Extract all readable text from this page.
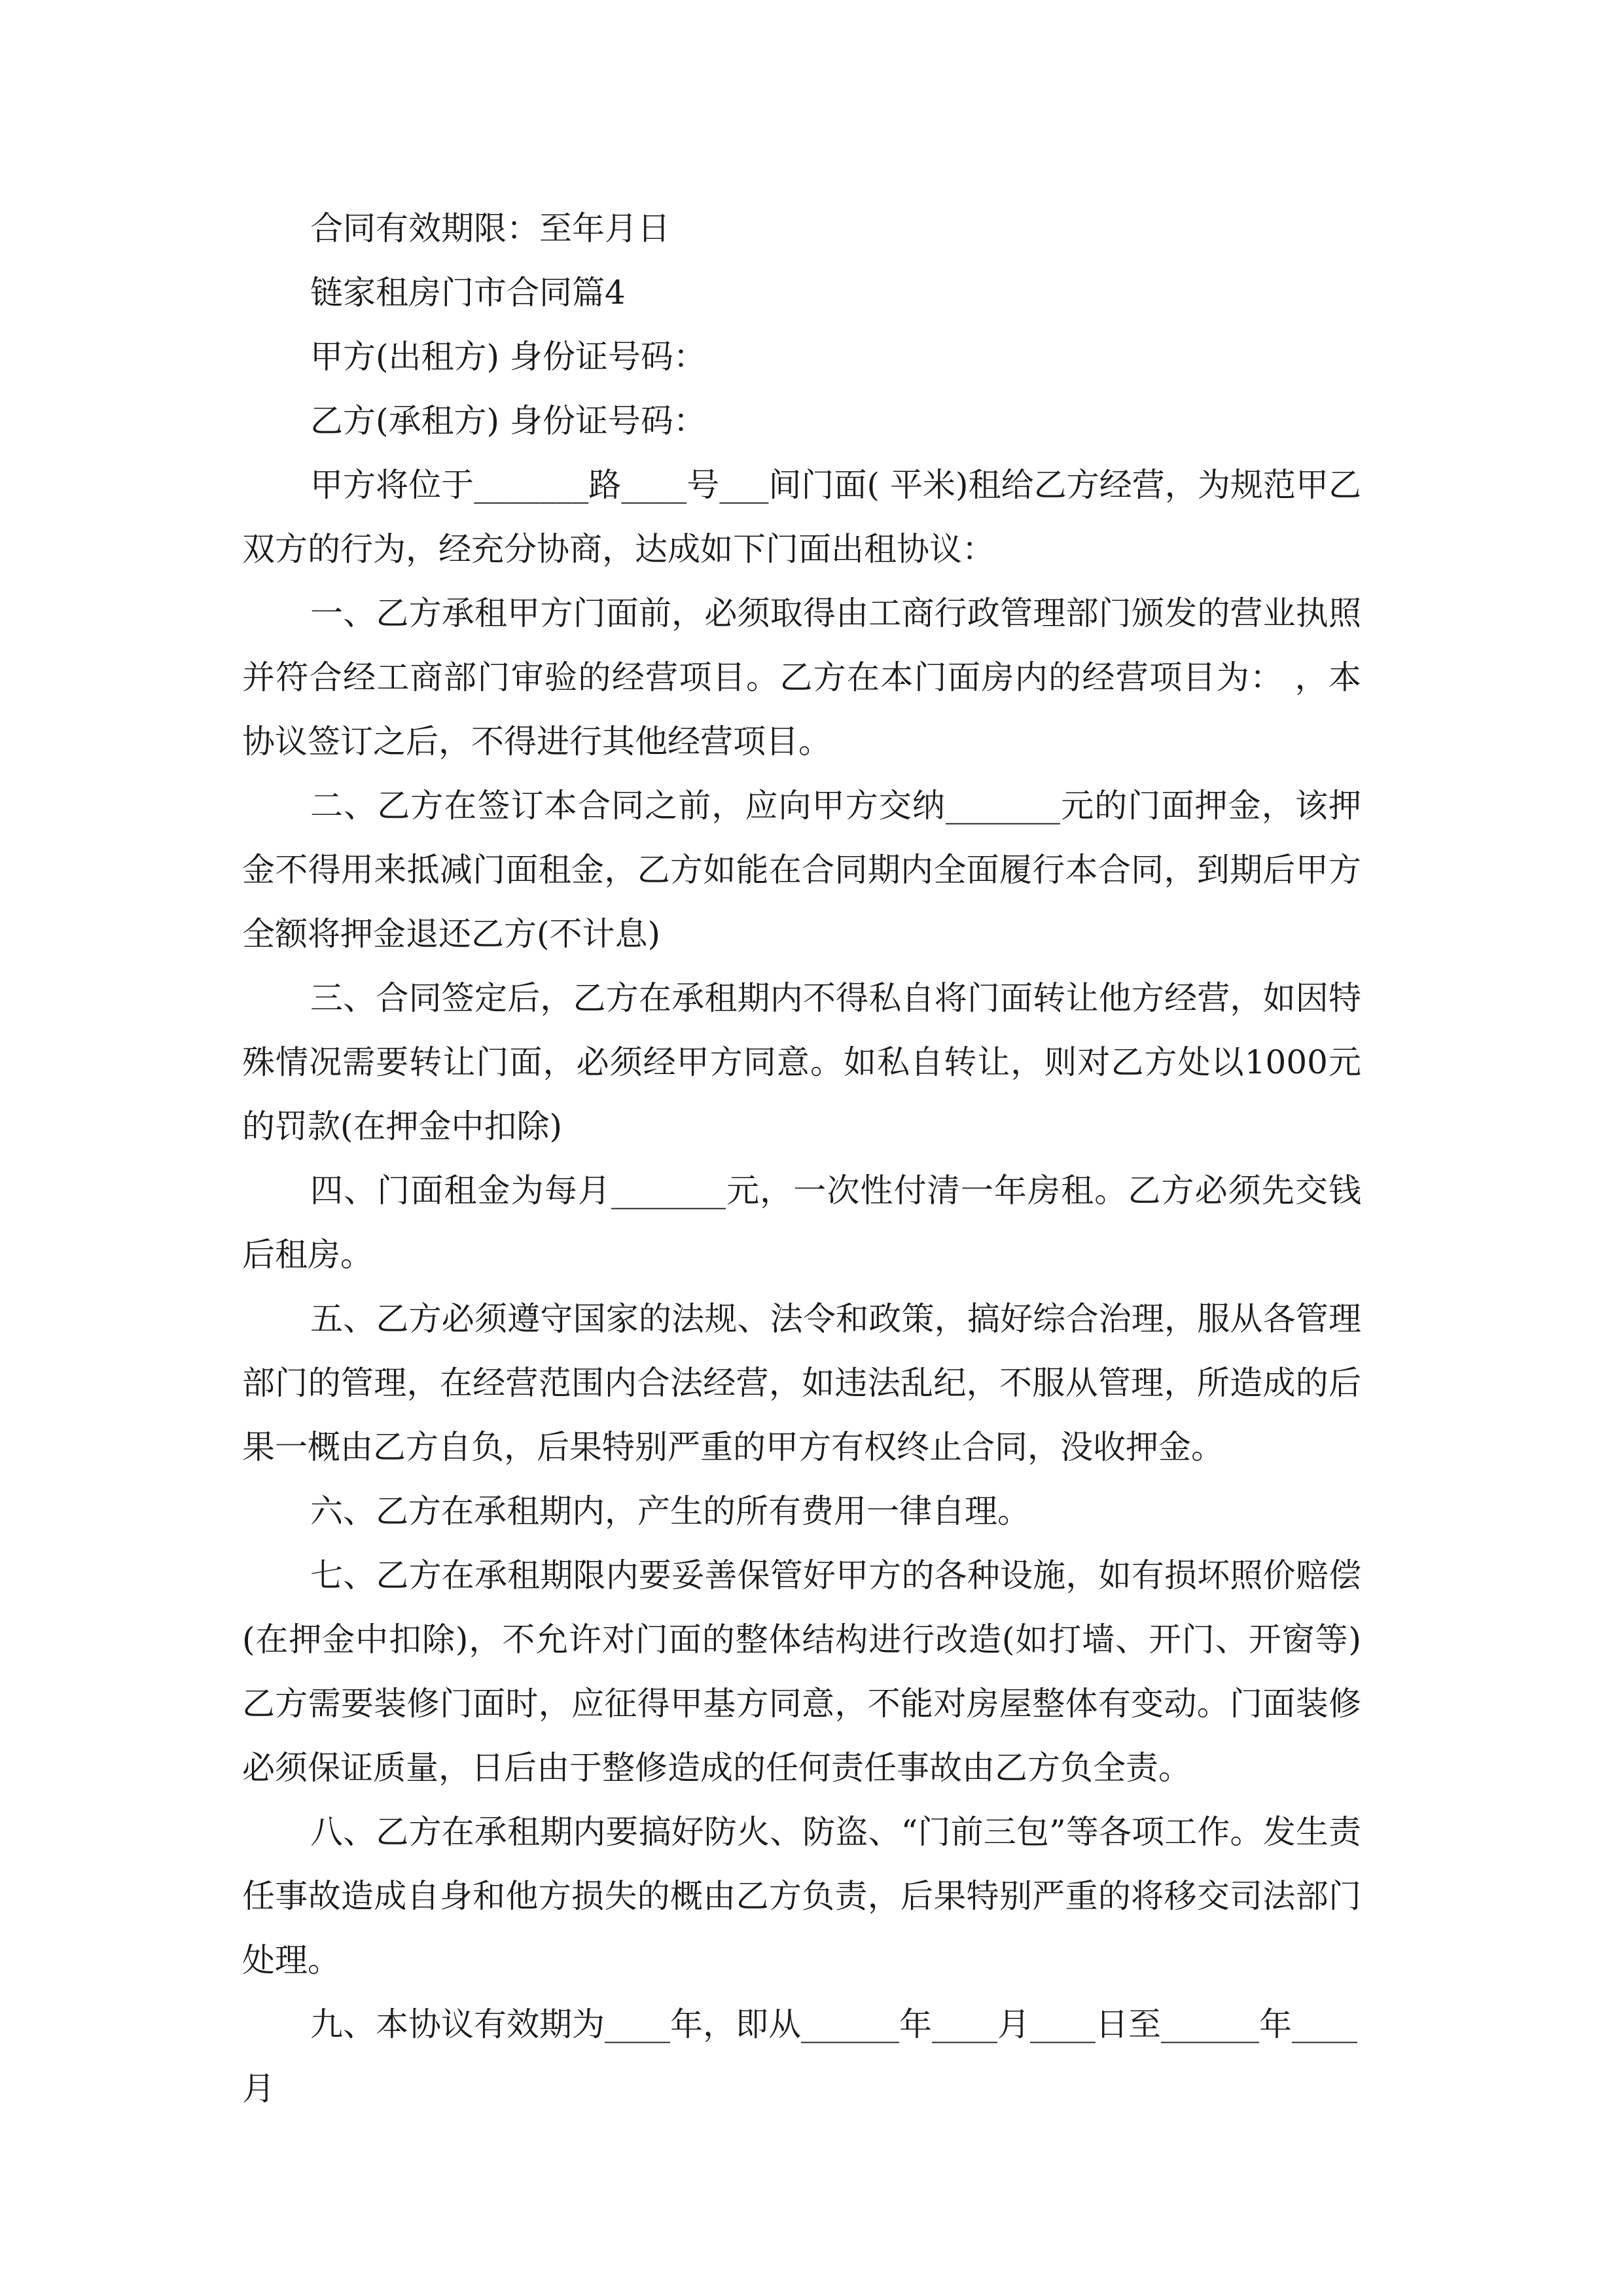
合同有效期限：至年月日

链家租房门市合同篇4

甲方(出租方) 身份证号码：

乙方(承租方) 身份证号码：

甲方将位于_______路____号___间门面( 平米)租给乙方经营，为规范甲乙双方的行为，经充分协商，达成如下门面出租协议：

一、乙方承租甲方门面前，必须取得由工商行政管理部门颁发的营业执照并符合经工商部门审验的经营项目。乙方在本门面房内的经营项目为： ，本协议签订之后，不得进行其他经营项目。

二、乙方在签订本合同之前，应向甲方交纳_______元的门面押金，该押金不得用来抵减门面租金，乙方如能在合同期内全面履行本合同，到期后甲方全额将押金退还乙方(不计息)

三、合同签定后，乙方在承租期内不得私自将门面转让他方经营，如因特殊情况需要转让门面，必须经甲方同意。如私自转让，则对乙方处以1000元的罚款(在押金中扣除)

四、门面租金为每月_______元，一次性付清一年房租。乙方必须先交钱后租房。

五、乙方必须遵守国家的法规、法令和政策，搞好综合治理，服从各管理部门的管理，在经营范围内合法经营，如违法乱纪，不服从管理，所造成的后果一概由乙方自负，后果特别严重的甲方有权终止合同，没收押金。

六、乙方在承租期内，产生的所有费用一律自理。

七、乙方在承租期限内要妥善保管好甲方的各种设施，如有损坏照价赔偿(在押金中扣除)，不允许对门面的整体结构进行改造(如打墙、开门、开窗等)乙方需要装修门面时，应征得甲基方同意，不能对房屋整体有变动。门面装修必须保证质量，日后由于整修造成的任何责任事故由乙方负全责。

八、乙方在承租期内要搞好防火、防盗、“门前三包”等各项工作。发生责任事故造成自身和他方损失的概由乙方负责，后果特别严重的将移交司法部门处理。

九、本协议有效期为____年，即从______年____月____日至______年____月
